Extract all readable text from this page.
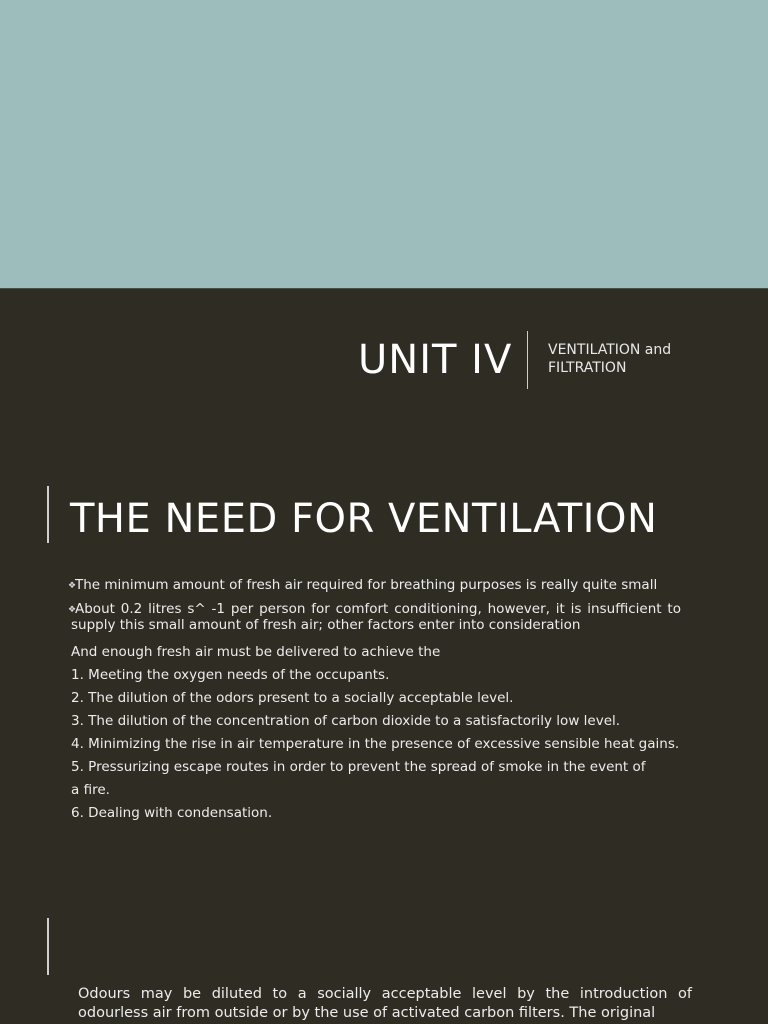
UNIT IV	VENTILATION and FILTRATION
THE NEED FOR VENTILATION
❖The minimum amount of fresh air required for breathing purposes is really quite small
❖About 0.2 litres s^ -1 per person for comfort conditioning, however, it is insufficient to supply this small amount of fresh air; other factors enter into consideration
And enough fresh air must be delivered to achieve the
1. Meeting the oxygen needs of the occupants.
2. The dilution of the odors present to a socially acceptable level.
3. The dilution of the concentration of carbon dioxide to a satisfactorily low level.
4. Minimizing the rise in air temperature in the presence of excessive sensible heat gains.
5. Pressurizing escape routes in order to prevent the spread of smoke in the event of a fire.
6. Dealing with condensation.
Odours may be diluted to a socially acceptable level by the introduction of odourless air from outside or by the use of activated carbon filters. The original
